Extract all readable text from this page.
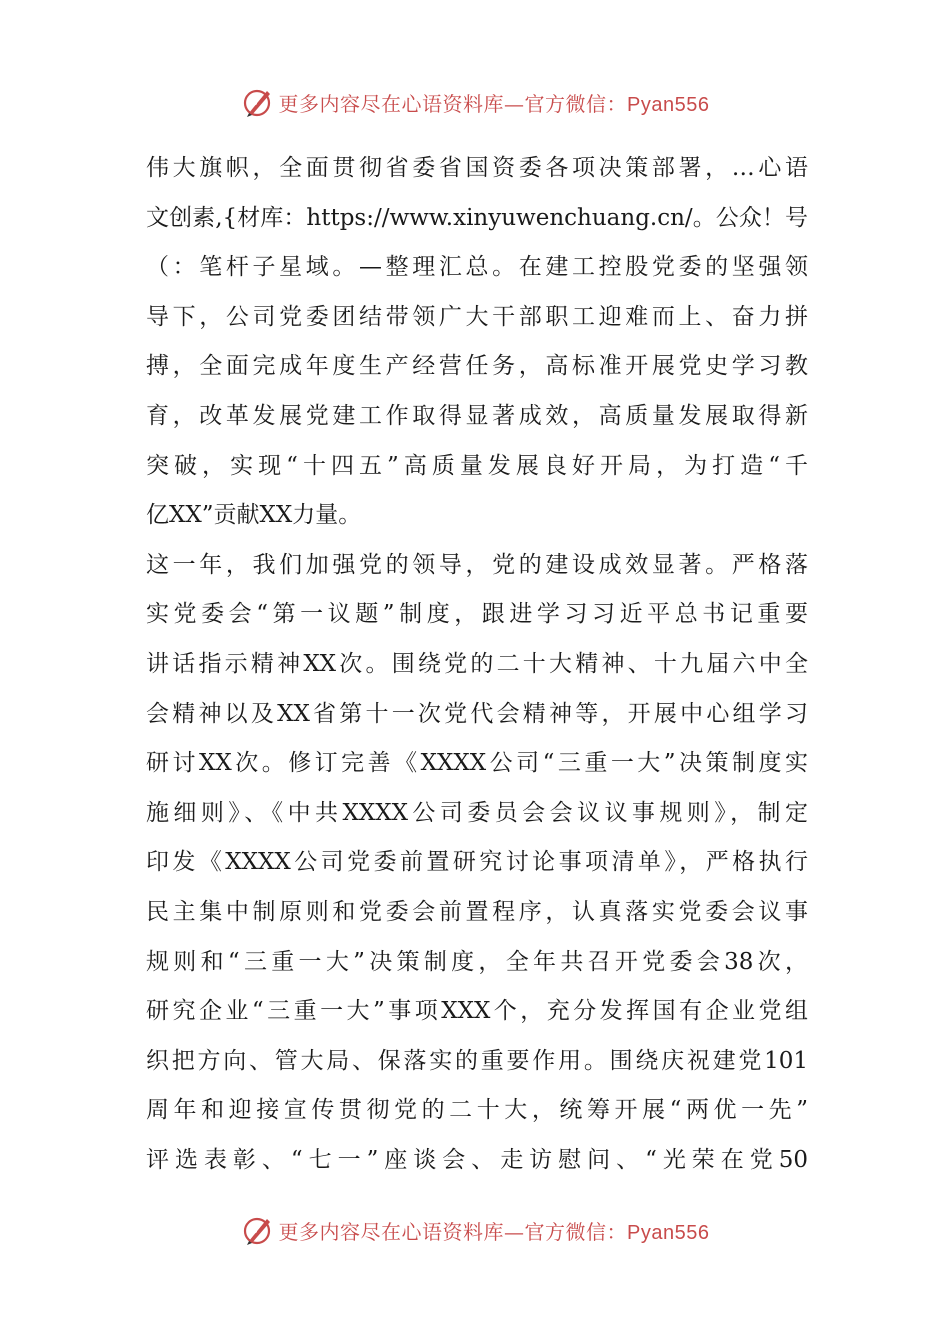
更多内容尽在心语资料库—官方微信：Pyan556
伟大旗帜，全面贯彻省委省国资委各项决策部署，…心语
文创素,{材库：https://www.xinyuwenchuang.cn/。公众！号
（：笔杆子星域。—整理汇总。在建工控股党委的坚强领
导下，公司党委团结带领广大干部职工迎难而上、奋力拼
搏，全面完成年度生产经营任务，高标准开展党史学习教
育，改革发展党建工作取得显著成效，高质量发展取得新
突破，实现“十四五”高质量发展良好开局，为打造“千
亿XX”贡献XX力量。
这一年，我们加强党的领导，党的建设成效显著。严格落
实党委会“第一议题”制度，跟进学习习近平总书记重要
讲话指示精神XX次。围绕党的二十大精神、十九届六中全
会精神以及XX省第十一次党代会精神等，开展中心组学习
研讨XX次。修订完善《XXXX公司“三重一大”决策制度实
施细则》、《中共XXXX公司委员会会议议事规则》，制定
印发《XXXX公司党委前置研究讨论事项清单》，严格执行
民主集中制原则和党委会前置程序，认真落实党委会议事
规则和“三重一大”决策制度，全年共召开党委会38次，
研究企业“三重一大”事项XXX个，充分发挥国有企业党组
织把方向、管大局、保落实的重要作用。围绕庆祝建党101
周年和迎接宣传贯彻党的二十大，统筹开展“两优一先”
评选表彰、“七一”座谈会、走访慰问、“光荣在党50
更多内容尽在心语资料库—官方微信：Pyan556
